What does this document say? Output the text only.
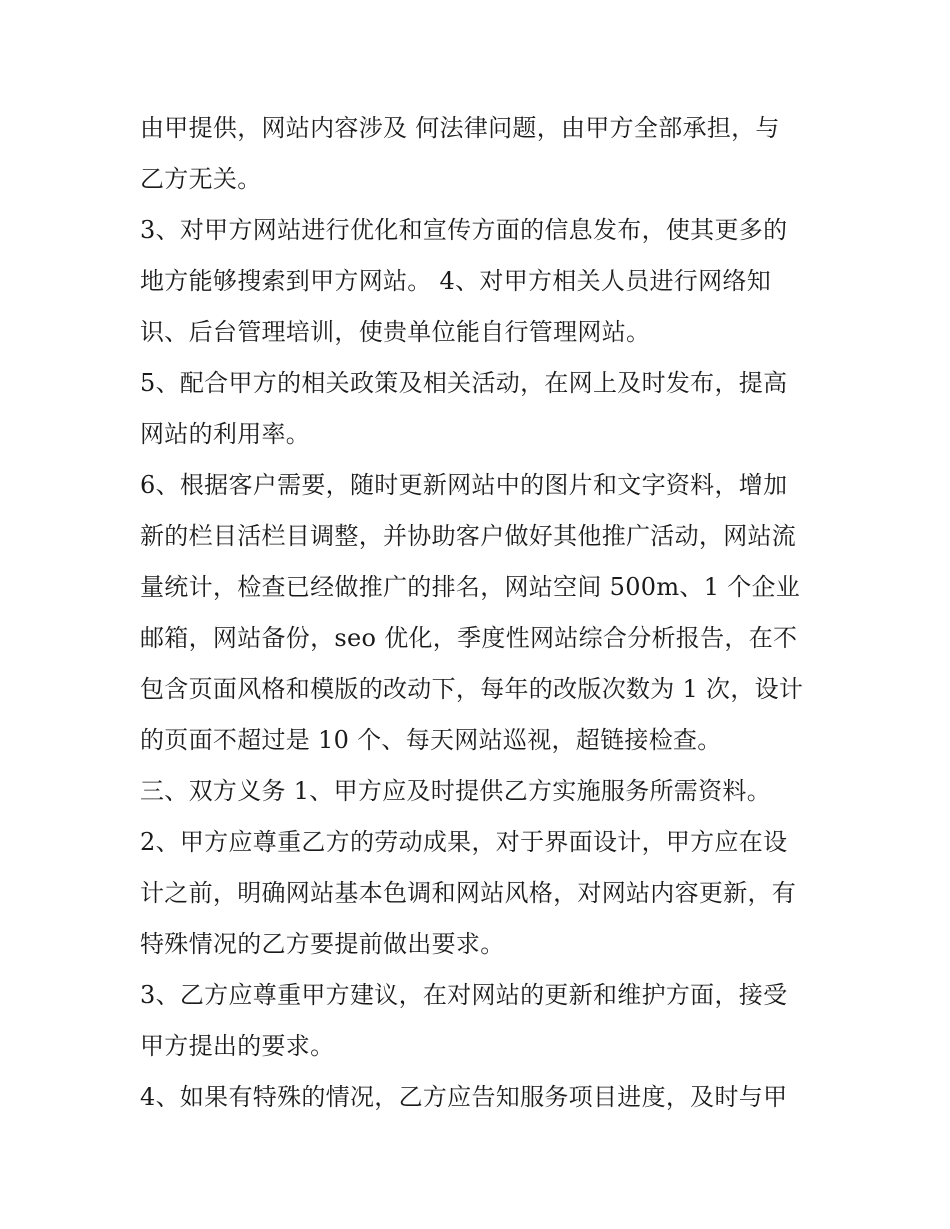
由甲提供，网站内容涉及 何法律问题，由甲方全部承担，与
乙方无关。
3、对甲方网站进行优化和宣传方面的信息发布，使其更多的
地方能够搜索到甲方网站。 4、对甲方相关人员进行网络知
识、后台管理培训，使贵单位能自行管理网站。
5、配合甲方的相关政策及相关活动，在网上及时发布，提高
网站的利用率。
6、根据客户需要，随时更新网站中的图片和文字资料，增加
新的栏目活栏目调整，并协助客户做好其他推广活动，网站流
量统计，检查已经做推广的排名，网站空间 500m、1 个企业
邮箱，网站备份，seo 优化，季度性网站综合分析报告，在不
包含页面风格和模版的改动下，每年的改版次数为 1 次，设计
的页面不超过是 10 个、每天网站巡视，超链接检查。
三、双方义务 1、甲方应及时提供乙方实施服务所需资料。
2、甲方应尊重乙方的劳动成果，对于界面设计，甲方应在设
计之前，明确网站基本色调和网站风格，对网站内容更新，有
特殊情况的乙方要提前做出要求。
3、乙方应尊重甲方建议，在对网站的更新和维护方面，接受
甲方提出的要求。
4、如果有特殊的情况，乙方应告知服务项目进度，及时与甲
